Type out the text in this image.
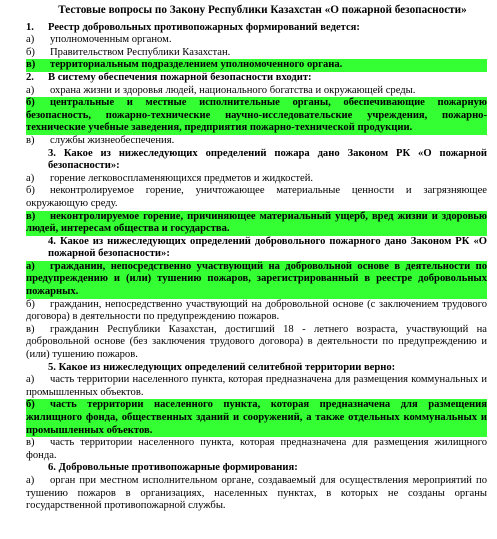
Тестовые вопросы по Закону Республики Казахстан «О пожарной безопасности»
1. Реестр добровольных противопожарных формирований ведется:
а) уполномоченным органом.
б) Правительством Республики Казахстан.
в) территориальным подразделением уполномоченного органа.
2. В систему обеспечения пожарной безопасности входит:
а) охрана жизни и здоровья людей, национального богатства и окружающей среды.
б) центральные и местные исполнительные органы, обеспечивающие пожарную безопасность, пожарно-технические научно-исследовательские учреждения, пожарно-технические учебные заведения, предприятия пожарно-технической продукции.
в) службы жизнеобеспечения.
3. Какое из нижеследующих определений пожара дано Законом РК «О пожарной безопасности»:
а) горение легковоспламеняющихся предметов и жидкостей.
б) неконтролируемое горение, уничтожающее материальные ценности и загрязняющее окружающую среду.
в) неконтролируемое горение, причиняющее материальный ущерб, вред жизни и здоровью людей, интересам общества и государства.
4. Какое из нижеследующих определений добровольного пожарного дано Законом РК «О пожарной безопасности»:
а) гражданин, непосредственно участвующий на добровольной основе в деятельности по предупреждению и (или) тушению пожаров, зарегистрированный в реестре добровольных пожарных.
б) гражданин, непосредственно участвующий на добровольной основе (с заключением трудового договора) в деятельности по предупреждению пожаров.
в) гражданин Республики Казахстан, достигший 18 - летнего возраста, участвующий на добровольной основе (без заключения трудового договора) в деятельности по предупреждению и (или) тушению пожаров.
5. Какое из нижеследующих определений селитебной территории верно:
а) часть территории населенного пункта, которая предназначена для размещения коммунальных и промышленных объектов.
б) часть территории населенного пункта, которая предназначена для размещения жилищного фонда, общественных зданий и сооружений, а также отдельных коммунальных и промышленных объектов.
в) часть территории населенного пункта, которая предназначена для размещения жилищного фонда.
6. Добровольные противопожарные формирования:
а) орган при местном исполнительном органе, создаваемый для осуществления мероприятий по тушению пожаров в организациях, населенных пунктах, в которых не созданы органы государственной противопожарной службы.
